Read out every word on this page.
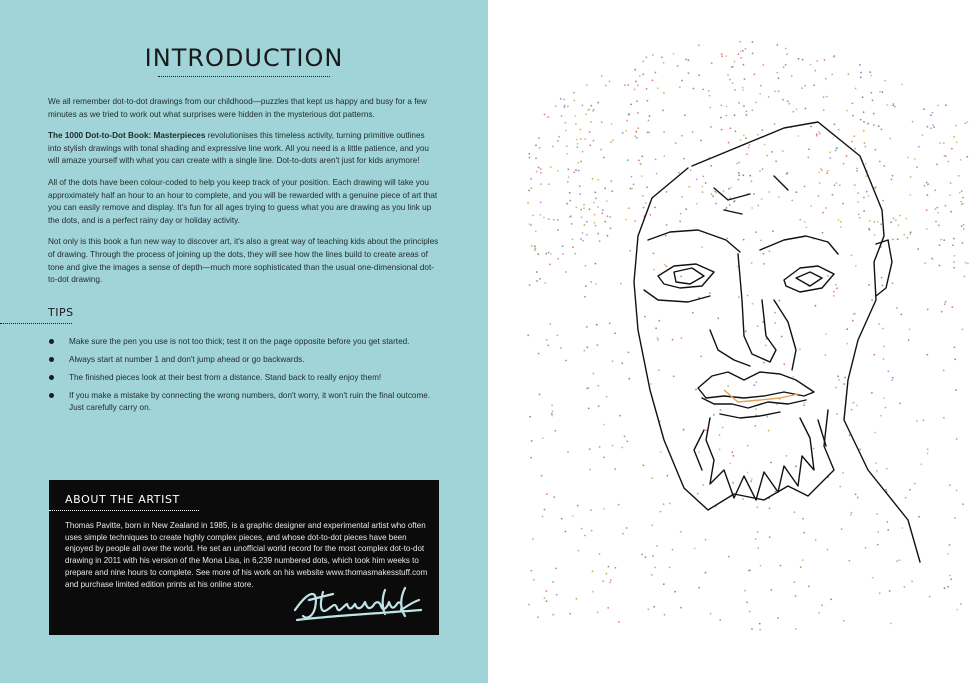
INTRODUCTION

We all remember dot-to-dot drawings from our childhood—puzzles that kept us happy and busy for a few minutes as we tried to work out what surprises were hidden in the mysterious dot patterns.

The 1000 Dot-to-Dot Book: Masterpieces revolutionises this timeless activity, turning primitive outlines into stylish drawings with tonal shading and expressive line work. All you need is a little patience, and you will amaze yourself with what you can create with a single line. Dot-to-dots aren't just for kids anymore!

All of the dots have been colour-coded to help you keep track of your position. Each drawing will take you approximately half an hour to an hour to complete, and you will be rewarded with a genuine piece of art that you can easily remove and display. It's fun for all ages trying to guess what you are drawing as you link up the dots, and is a perfect rainy day or holiday activity.

Not only is this book a fun new way to discover art, it's also a great way of teaching kids about the principles of drawing. Through the process of joining up the dots, they will see how the lines build to create areas of tone and give the images a sense of depth—much more sophisticated than the usual one-dimensional dot-to-dot drawing.

TIPS
Make sure the pen you use is not too thick; test it on the page opposite before you get started.
Always start at number 1 and don't jump ahead or go backwards.
The finished pieces look at their best from a distance. Stand back to really enjoy them!
If you make a mistake by connecting the wrong numbers, don't worry, it won't ruin the final outcome. Just carefully carry on.
ABOUT THE ARTIST
Thomas Pavitte, born in New Zealand in 1985, is a graphic designer and experimental artist who often uses simple techniques to create highly complex pieces, and whose dot-to-dot pieces have been enjoyed by people all over the world. He set an unofficial world record for the most complex dot-to-dot drawing in 2011 with his version of the Mona Lisa, in 6,239 numbered dots, which took him weeks to prepare and nine hours to complete. See more of his work on his website www.thomasmakesstuff.com and purchase limited edition prints at his online store.
